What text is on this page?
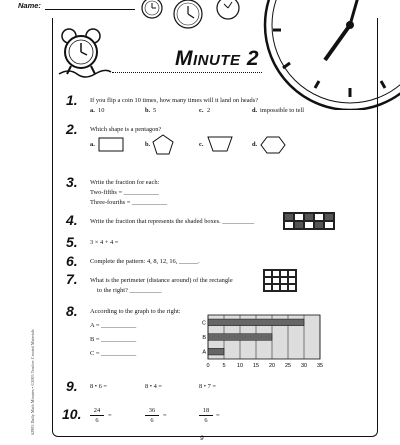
Name:
Minute 2
#2905 Daily Math Minutes • ©2005 Teacher Created Materials
1. If you flip a coin 10 times, how many times will it land on heads?
a. 10	b. 5	c. 2	d. impossible to tell
2. Which shape is a pentagon?
a.	b.	c.	d.
3. Write the fraction for each:
Two-fifths = ___________
Three-fourths = ___________
4. Write the fraction that represents the shaded boxes. __________
5. 3 × 4 + 4 =
6. Complete the pattern: 4, 8, 12, 16, ______.
7. What is the perimeter (distance around) of the rectangle
to the right? __________
8. According to the graph to the right:
A = ___________
B = ___________
C = ___________
0 5 10 15 20 25 30 35
A
B
C
9. 8 • 6 =	8 • 4 =	8 • 7 =
10.	24
6
=
36
6
=
18
6
=
9
